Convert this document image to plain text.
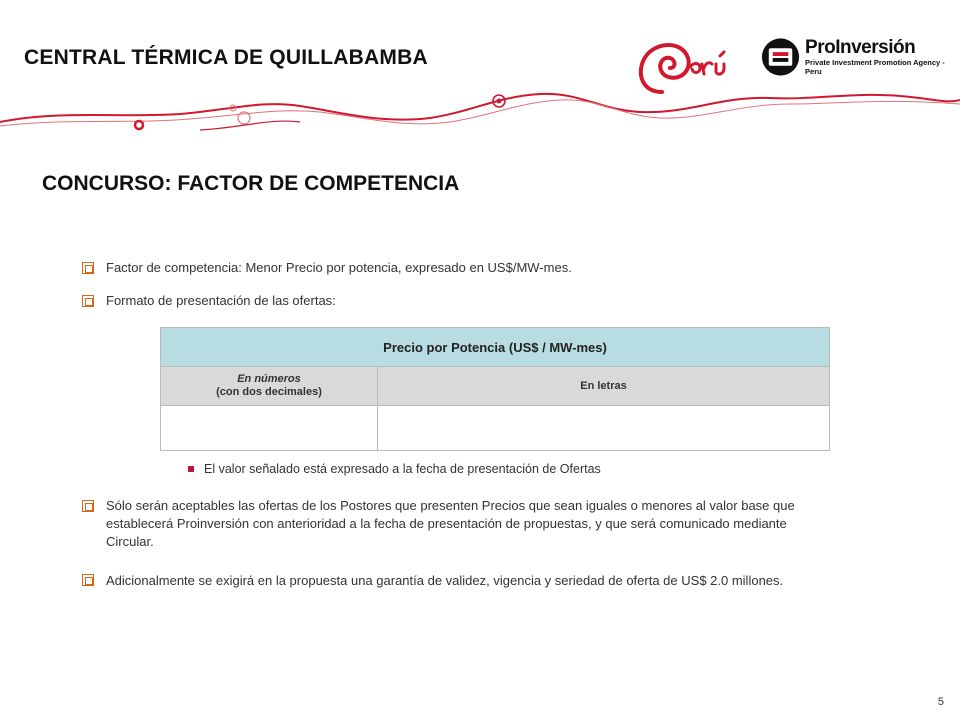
CENTRAL TÉRMICA DE QUILLABAMBA	ProInversión
Private Investment Promotion Agency - Peru
CONCURSO: FACTOR DE COMPETENCIA
Factor de competencia: Menor Precio por potencia, expresado en US$/MW-mes.
Formato de presentación de las ofertas:
Precio por Potencia (US$ / MW-mes)	
En números
(con dos decimales)	En letras

El valor señalado está expresado a la fecha de presentación de Ofertas
Sólo serán aceptables las ofertas de los Postores que presenten Precios que sean iguales o menores al valor base que establecerá Proinversión con anterioridad a la fecha de presentación de propuestas, y que será comunicado mediante Circular.
Adicionalmente se exigirá en la propuesta una garantía de validez, vigencia y seriedad de oferta de US$ 2.0 millones.
5
